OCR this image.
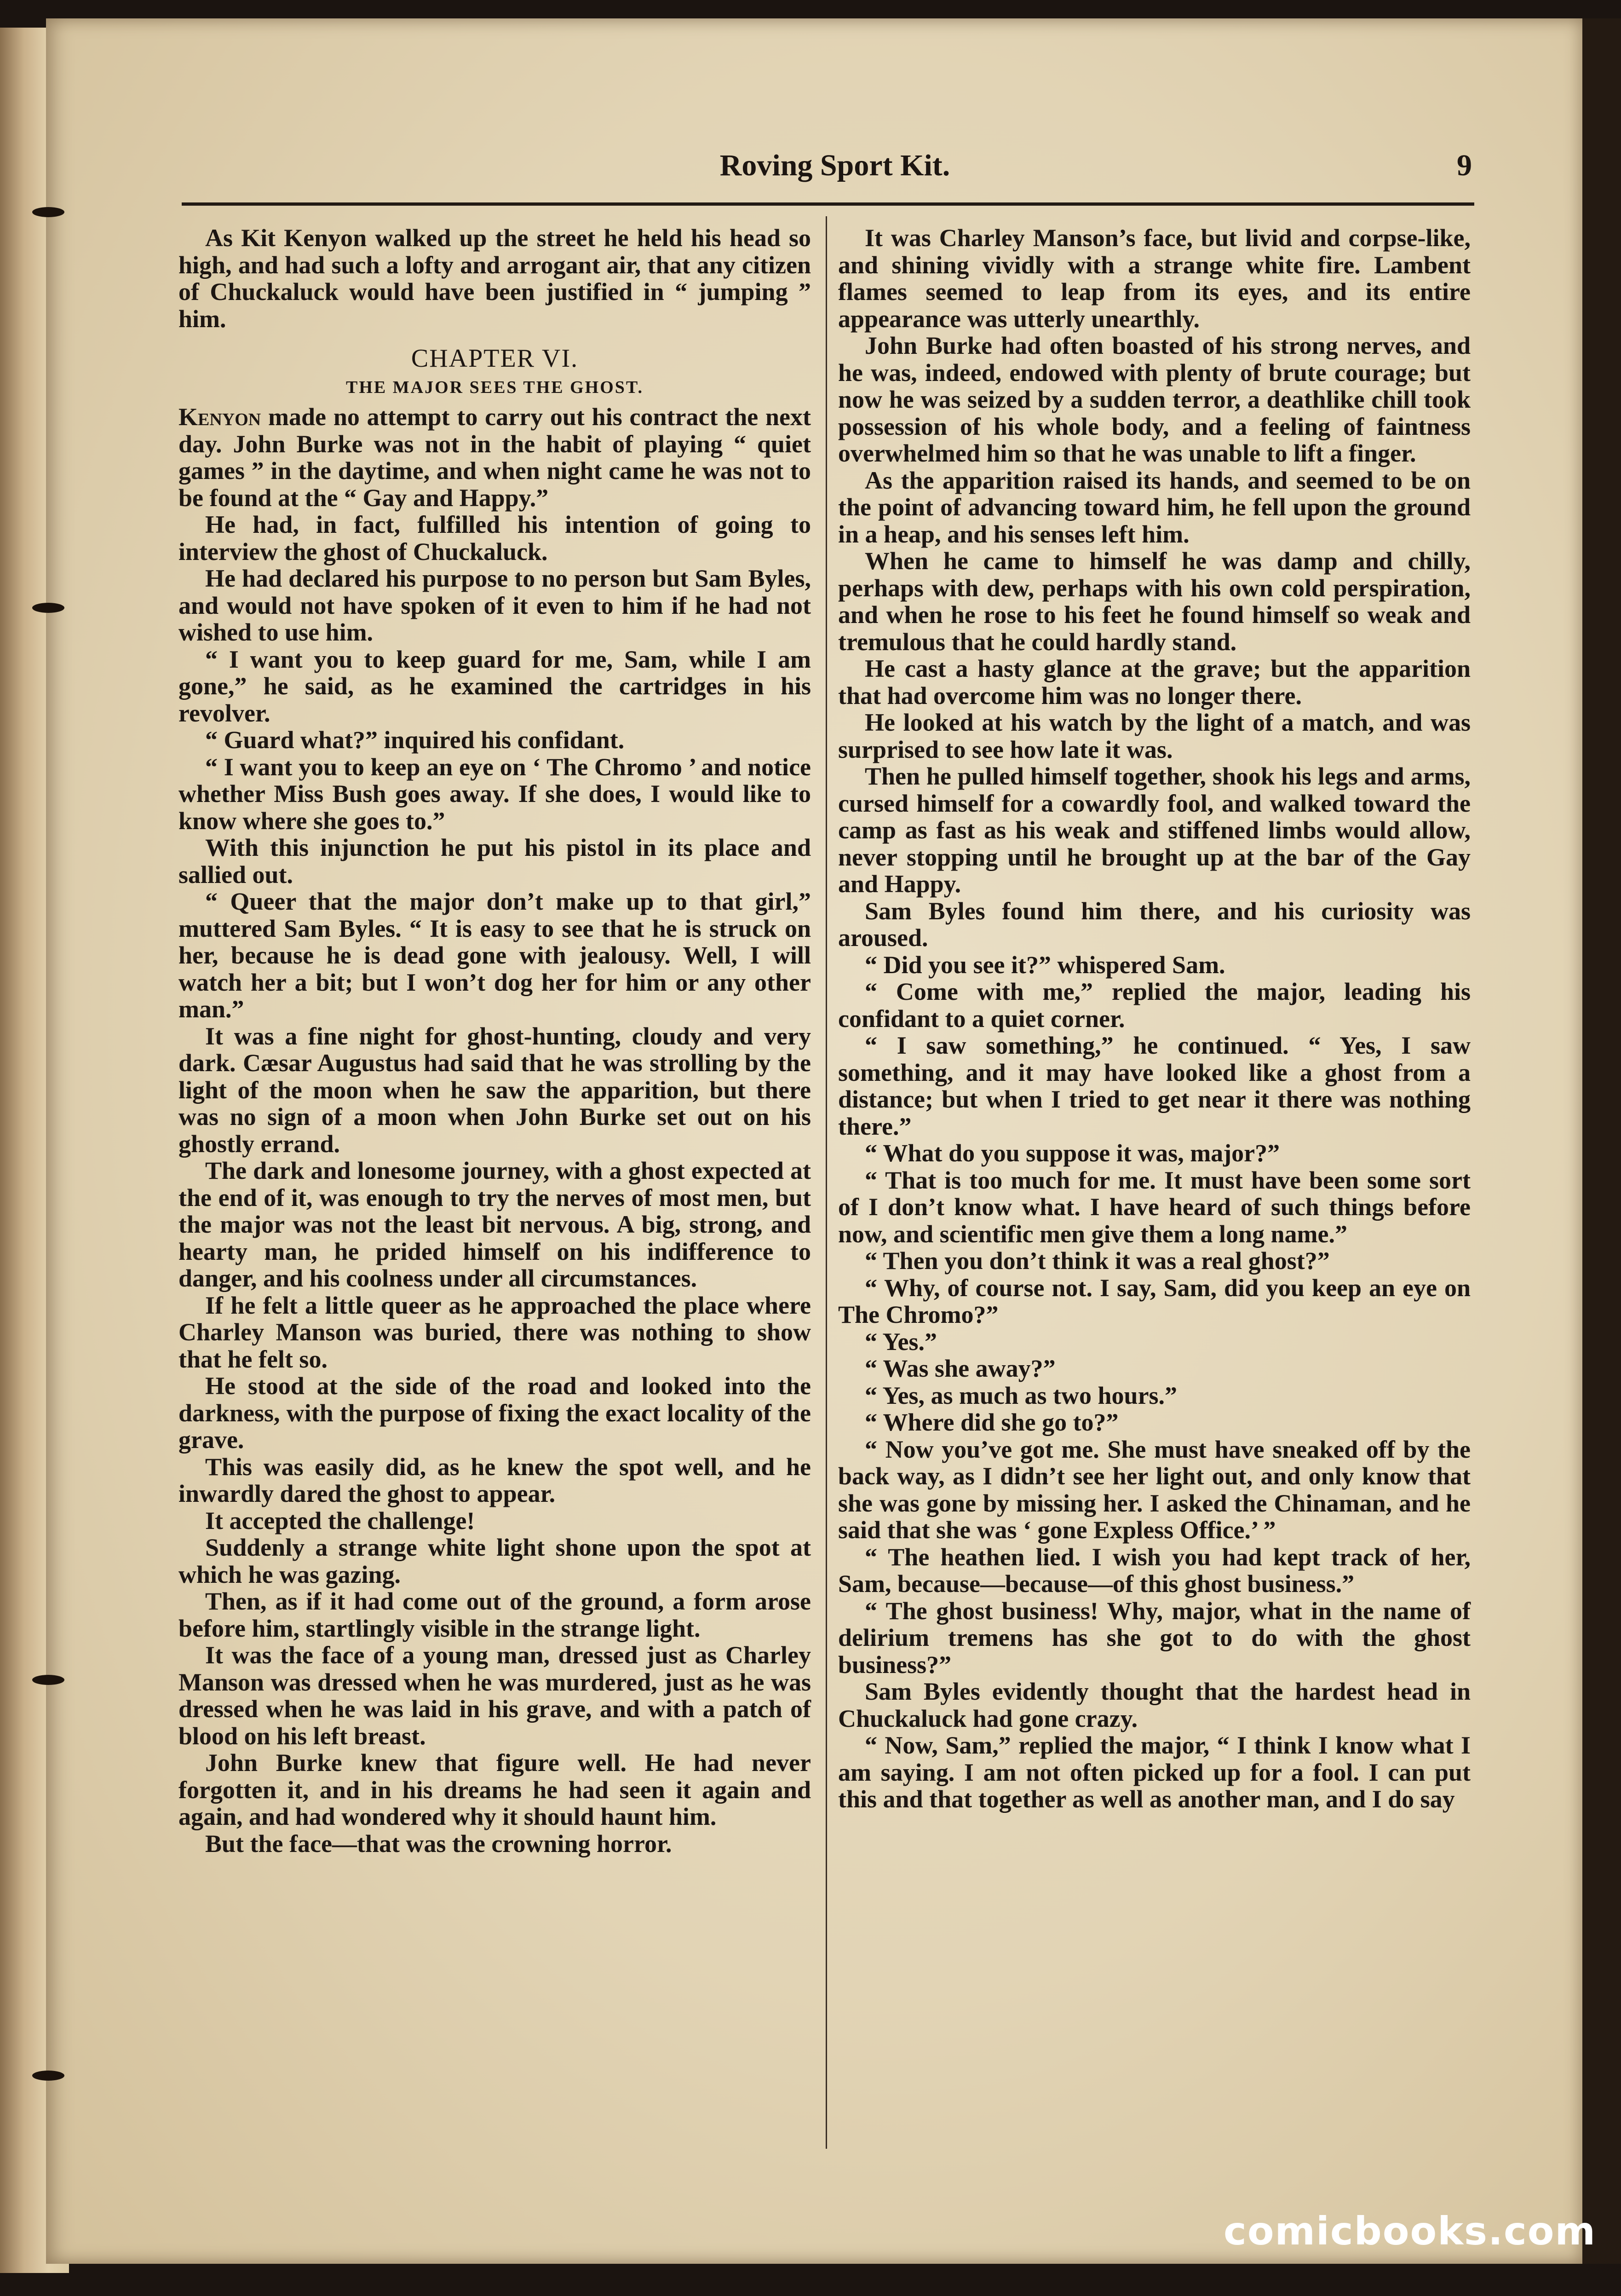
Roving Sport Kit.	9

As Kit Kenyon walked up the street he held his head so high, and had such a lofty and arrogant air, that any citizen of Chuckaluck would have been justified in “ jumping ” him.

CHAPTER VI.

THE MAJOR SEES THE GHOST.

Kenyon made no attempt to carry out his contract the next day. John Burke was not in the habit of playing “ quiet games ” in the daytime, and when night came he was not to be found at the “ Gay and Happy.”

He had, in fact, fulfilled his intention of going to interview the ghost of Chuckaluck.

He had declared his purpose to no person but Sam Byles, and would not have spoken of it even to him if he had not wished to use him.

“ I want you to keep guard for me, Sam, while I am gone,” he said, as he examined the cartridges in his revolver.

“ Guard what?” inquired his confidant.

“ I want you to keep an eye on ‘ The Chromo ’ and notice whether Miss Bush goes away. If she does, I would like to know where she goes to.”

With this injunction he put his pistol in its place and sallied out.

“ Queer that the major don’t make up to that girl,” muttered Sam Byles. “ It is easy to see that he is struck on her, because he is dead gone with jealousy. Well, I will watch her a bit; but I won’t dog her for him or any other man.”

It was a fine night for ghost-hunting, cloudy and very dark. Cæsar Augustus had said that he was strolling by the light of the moon when he saw the apparition, but there was no sign of a moon when John Burke set out on his ghostly errand.

The dark and lonesome journey, with a ghost expected at the end of it, was enough to try the nerves of most men, but the major was not the least bit nervous. A big, strong, and hearty man, he prided himself on his indifference to danger, and his coolness under all circumstances.

If he felt a little queer as he approached the place where Charley Manson was buried, there was nothing to show that he felt so.

He stood at the side of the road and looked into the darkness, with the purpose of fixing the exact locality of the grave.

This was easily did, as he knew the spot well, and he inwardly dared the ghost to appear.

It accepted the challenge!

Suddenly a strange white light shone upon the spot at which he was gazing.

Then, as if it had come out of the ground, a form arose before him, startlingly visible in the strange light.

It was the face of a young man, dressed just as Charley Manson was dressed when he was murdered, just as he was dressed when he was laid in his grave, and with a patch of blood on his left breast.

John Burke knew that figure well. He had never forgotten it, and in his dreams he had seen it again and again, and had wondered why it should haunt him.

But the face—that was the crowning horror.

It was Charley Manson’s face, but livid and corpse-like, and shining vividly with a strange white fire. Lambent flames seemed to leap from its eyes, and its entire appearance was utterly unearthly.

John Burke had often boasted of his strong nerves, and he was, indeed, endowed with plenty of brute courage; but now he was seized by a sudden terror, a deathlike chill took possession of his whole body, and a feeling of faintness overwhelmed him so that he was unable to lift a finger.

As the apparition raised its hands, and seemed to be on the point of advancing toward him, he fell upon the ground in a heap, and his senses left him.

When he came to himself he was damp and chilly, perhaps with dew, perhaps with his own cold perspiration, and when he rose to his feet he found himself so weak and tremulous that he could hardly stand.

He cast a hasty glance at the grave; but the apparition that had overcome him was no longer there.

He looked at his watch by the light of a match, and was surprised to see how late it was.

Then he pulled himself together, shook his legs and arms, cursed himself for a cowardly fool, and walked toward the camp as fast as his weak and stiffened limbs would allow, never stopping until he brought up at the bar of the Gay and Happy.

Sam Byles found him there, and his curiosity was aroused.

“ Did you see it?” whispered Sam.

“ Come with me,” replied the major, leading his confidant to a quiet corner.

“ I saw something,” he continued. “ Yes, I saw something, and it may have looked like a ghost from a distance; but when I tried to get near it there was nothing there.”

“ What do you suppose it was, major?”

“ That is too much for me. It must have been some sort of I don’t know what. I have heard of such things before now, and scientific men give them a long name.”

“ Then you don’t think it was a real ghost?”

“ Why, of course not. I say, Sam, did you keep an eye on The Chromo?”

“ Yes.”

“ Was she away?”

“ Yes, as much as two hours.”

“ Where did she go to?”

“ Now you’ve got me. She must have sneaked off by the back way, as I didn’t see her light out, and only know that she was gone by missing her. I asked the Chinaman, and he said that she was ‘ gone Expless Office.’ ”

“ The heathen lied. I wish you had kept track of her, Sam, because—because—of this ghost business.”

“ The ghost business! Why, major, what in the name of delirium tremens has she got to do with the ghost business?”

Sam Byles evidently thought that the hardest head in Chuckaluck had gone crazy.

“ Now, Sam,” replied the major, “ I think I know what I am saying. I am not often picked up for a fool. I can put this and that together as well as another man, and I do say

comicbooks.com
